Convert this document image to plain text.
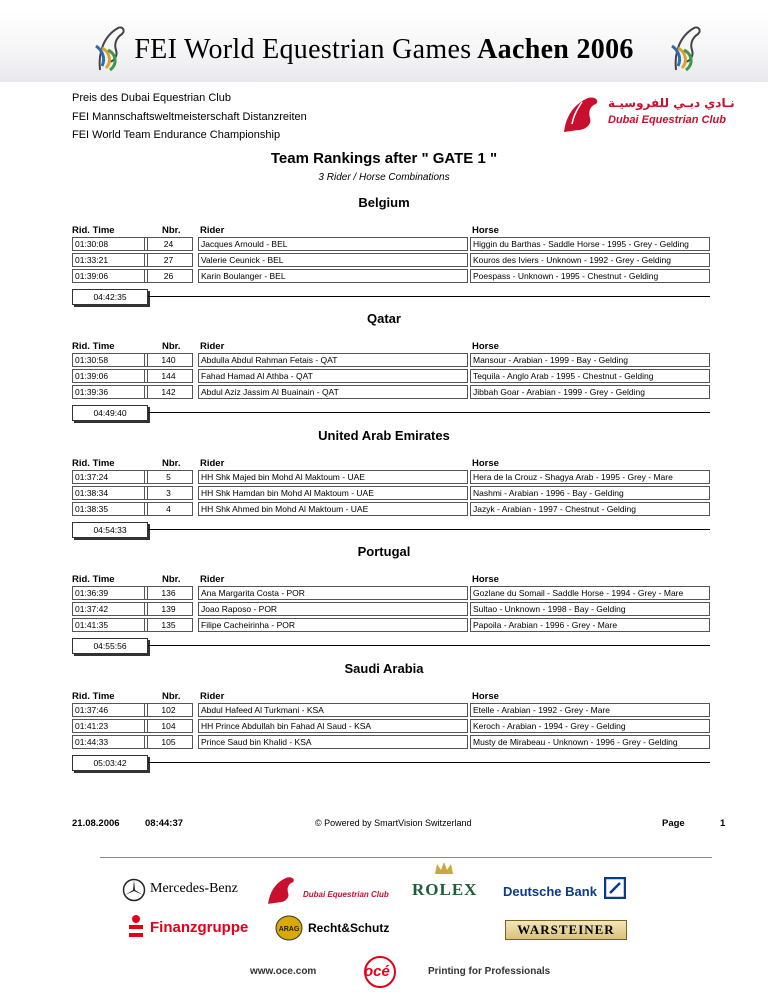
FEI World Equestrian Games Aachen 2006
Preis des Dubai Equestrian Club
FEI Mannschaftsweltmeisterschaft Distanzreiten
FEI World Team Endurance Championship
نـادي دبـي للفروسيـة
Dubai Equestrian Club
Team Rankings after " GATE 1 "
3 Rider / Horse Combinations
Belgium
Rid. Time	Nbr. Rider	Horse
01:30:08	24	Jacques Arnould - BEL	Higgin du Barthas - Saddle Horse - 1995 - Grey - Gelding
01:33:21	27	Valerie Ceunick - BEL	Kouros des Iviers - Unknown - 1992 - Grey - Gelding
01:39:06	26	Karin Boulanger - BEL	Poespass - Unknown - 1995 - Chestnut - Gelding
04:42:35
Qatar
Rid. Time	Nbr. Rider	Horse
01:30:58	140	Abdulla Abdul Rahman Fetais - QAT	Mansour - Arabian - 1999 - Bay - Gelding
01:39:06	144	Fahad Hamad Al Athba - QAT	Tequila - Anglo Arab - 1995 - Chestnut - Gelding
01:39:36	142	Abdul Aziz Jassim Al Buainain - QAT	Jibbah Goar - Arabian - 1999 - Grey - Gelding
04:49:40
United Arab Emirates
Rid. Time	Nbr. Rider	Horse
01:37:24	5	HH Shk Majed bin Mohd Al Maktoum - UAE	Hera de la Crouz - Shagya Arab - 1995 - Grey - Mare
01:38:34	3	HH Shk Hamdan bin Mohd Al Maktoum - UAE	Nashmi - Arabian - 1996 - Bay - Gelding
01:38:35	4	HH Shk Ahmed bin Mohd Al Maktoum - UAE	Jazyk - Arabian - 1997 - Chestnut - Gelding
04:54:33
Portugal
Rid. Time	Nbr. Rider	Horse
01:36:39	136	Ana Margarita Costa - POR	Gozlane du Somail - Saddle Horse - 1994 - Grey - Mare
01:37:42	139	Joao Raposo - POR	Sultao - Unknown - 1998 - Bay - Gelding
01:41:35	135	Filipe Cacheirinha - POR	Papoila - Arabian - 1996 - Grey - Mare
04:55:56
Saudi Arabia
Rid. Time	Nbr. Rider	Horse
01:37:46	102	Abdul Hafeed Al Turkmani - KSA	Etelle - Arabian - 1992 - Grey - Mare
01:41:23	104	HH Prince Abdullah bin Fahad Al Saud - KSA	Keroch - Arabian - 1994 - Grey - Gelding
01:44:33	105	Prince Saud bin Khalid - KSA	Musty de Mirabeau - Unknown - 1996 - Grey - Gelding
05:03:42
21.08.2006	08:44:37	© Powered by SmartVision Switzerland	Page	1
Mercedes-Benz	Dubai Equestrian Club ROLEX Deutsche Bank
Finanzgruppe	ARAG Recht&Schutz	WARSTEINER
www.oce.com	océ	Printing for Professionals
